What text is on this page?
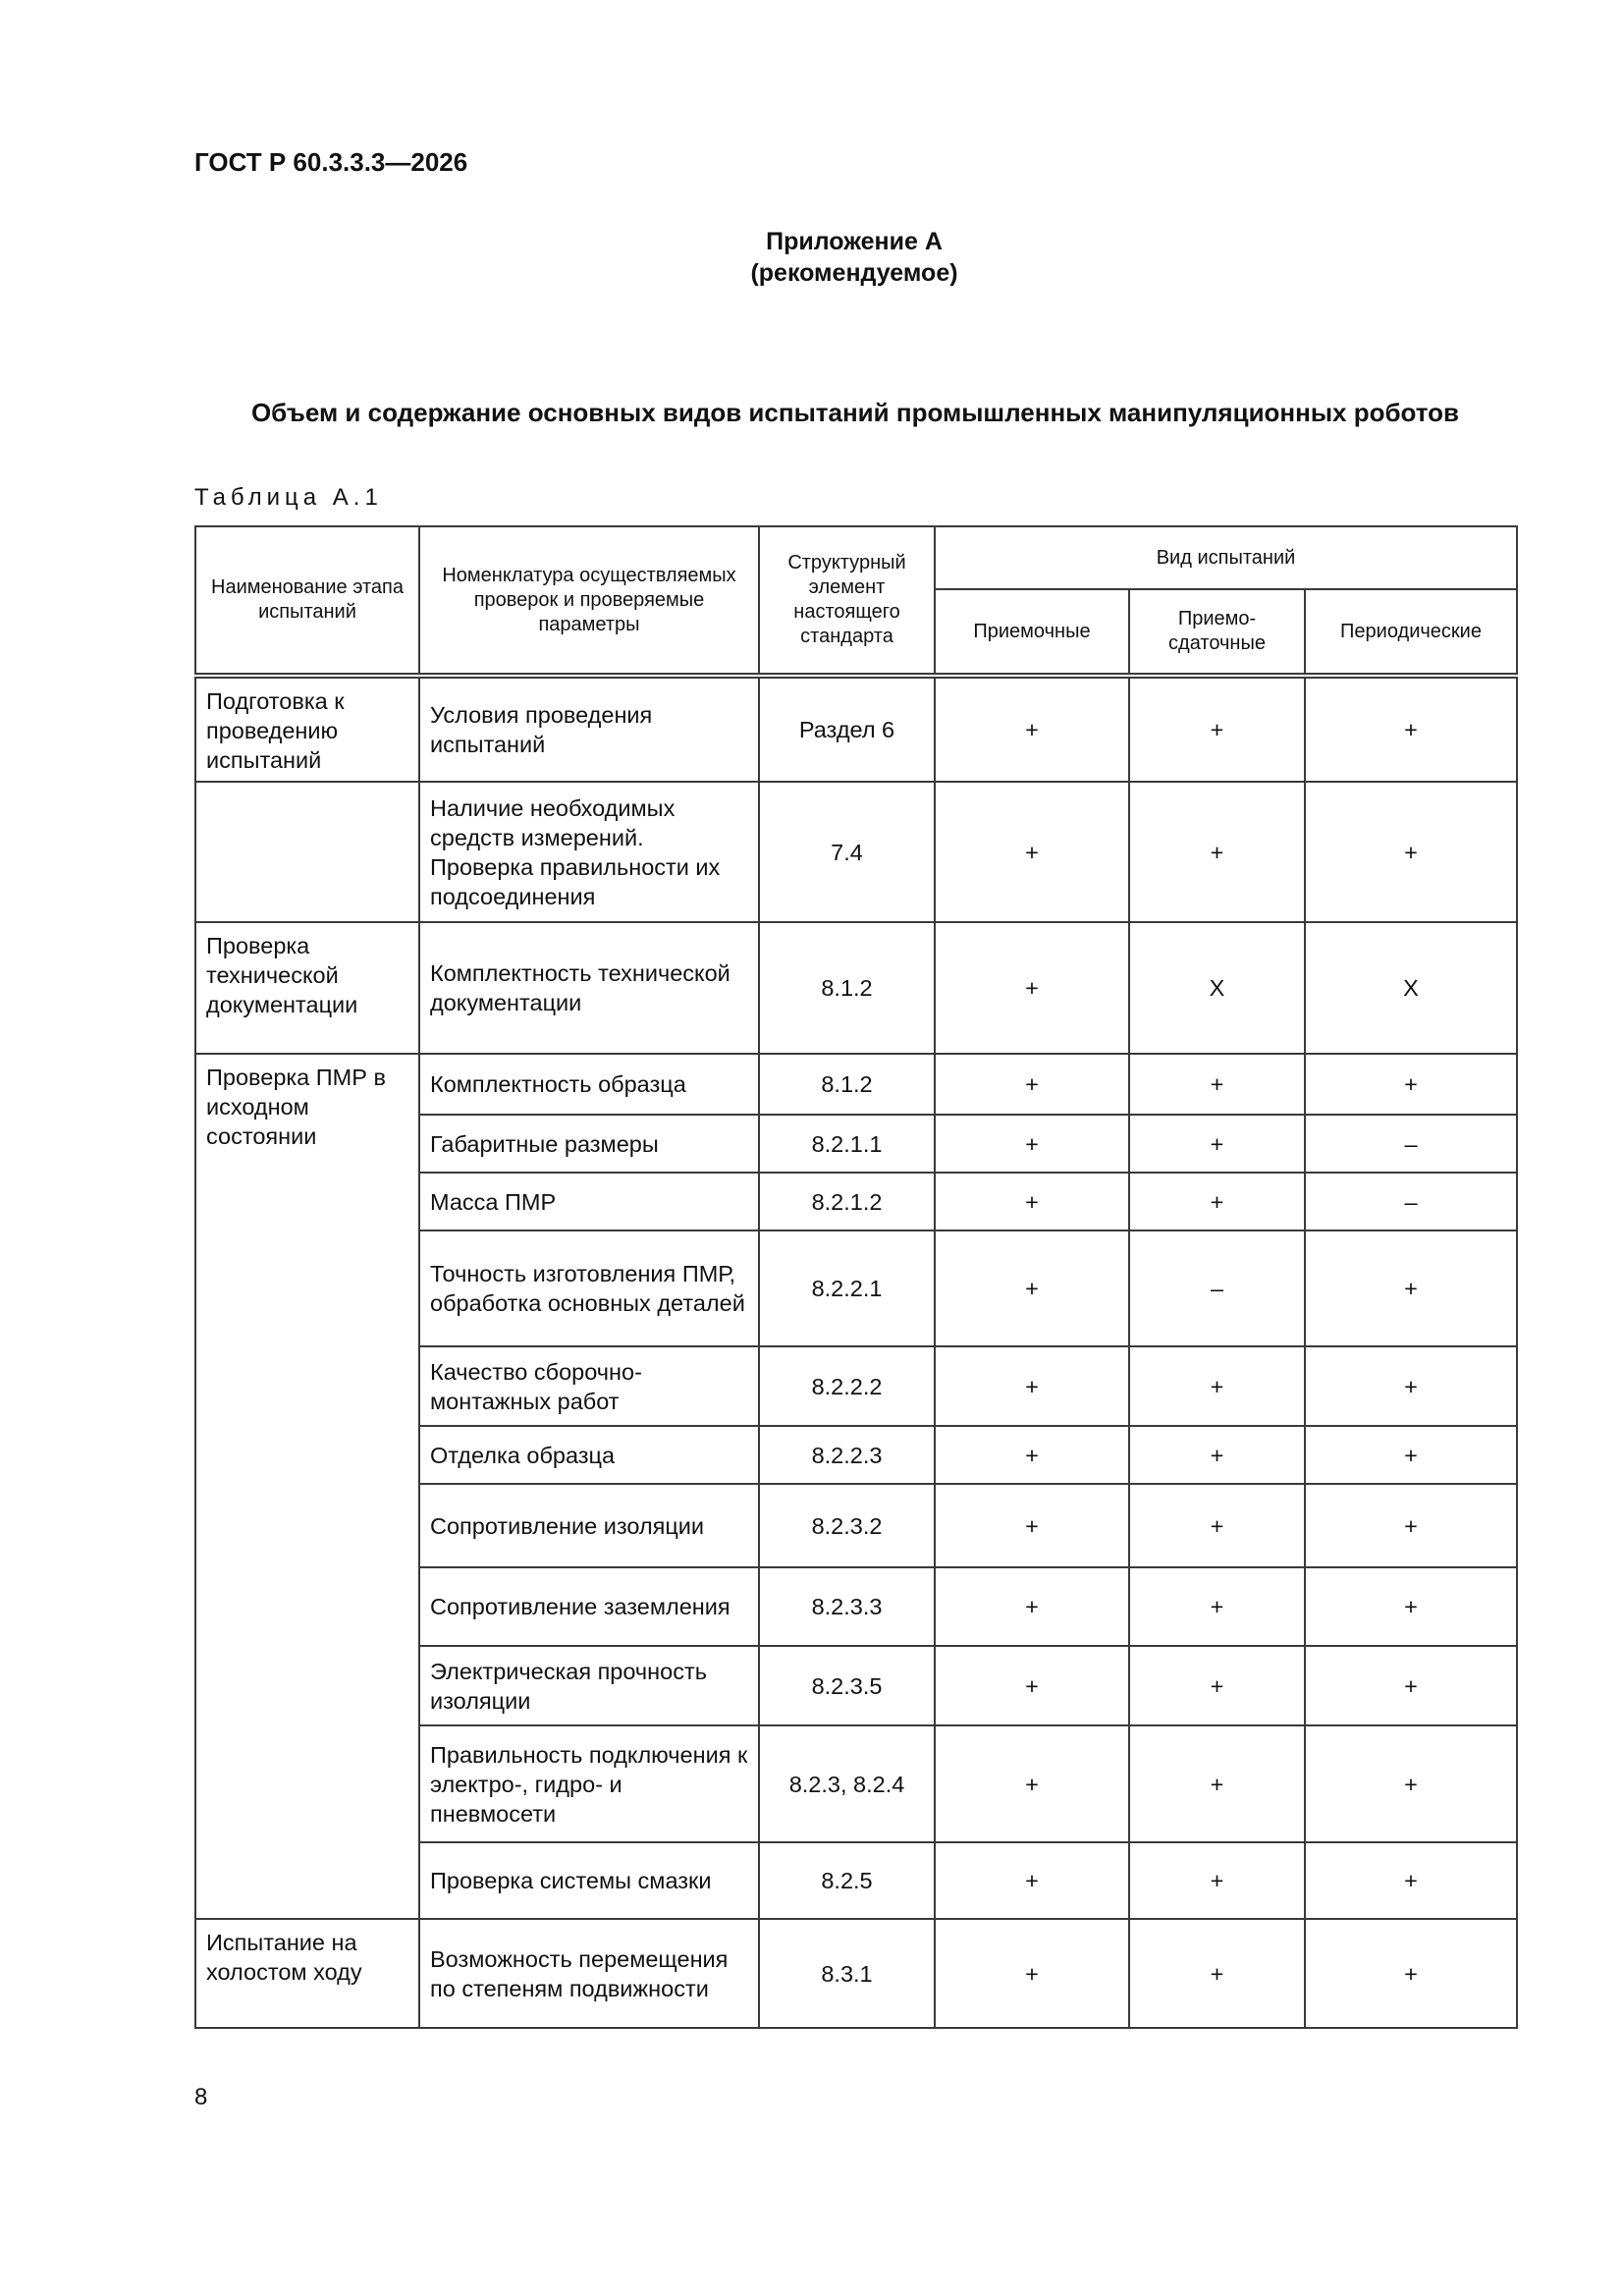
ГОСТ Р 60.3.3.3—2026
Приложение А
(рекомендуемое)
Объем и содержание основных видов испытаний промышленных манипуляционных роботов
Таблица А.1
Наименование этапа испытаний	Номенклатура осуществляемых проверок и проверяемые параметры	Структурный элемент настоящего стандарта	Вид испытаний		
			Приемочные	Приемо-сдаточные	Периодические
Подготовка к проведению испытаний	Условия проведения испытаний	Раздел 6	+	+	+
	Наличие необходимых средств измерений. Проверка правильности их подсоединения	7.4	+	+	+
Проверка технической документации	Комплектность технической документации	8.1.2	+	X	X
Проверка ПМР в исходном состоянии	Комплектность образца	8.1.2	+	+	+
	Габаритные размеры	8.2.1.1	+	+	–
	Масса ПМР	8.2.1.2	+	+	–
	Точность изготовления ПМР, обработка основных деталей	8.2.2.1	+	–	+
	Качество сборочно-монтажных работ	8.2.2.2	+	+	+
	Отделка образца	8.2.2.3	+	+	+
	Сопротивление изоляции	8.2.3.2	+	+	+
	Сопротивление заземления	8.2.3.3	+	+	+
	Электрическая прочность изоляции	8.2.3.5	+	+	+
	Правильность подключения к электро-, гидро- и пневмосети	8.2.3, 8.2.4	+	+	+
	Проверка системы смазки	8.2.5	+	+	+
Испытание на холостом ходу	Возможность перемещения по степеням подвижности	8.3.1	+	+	+
8
